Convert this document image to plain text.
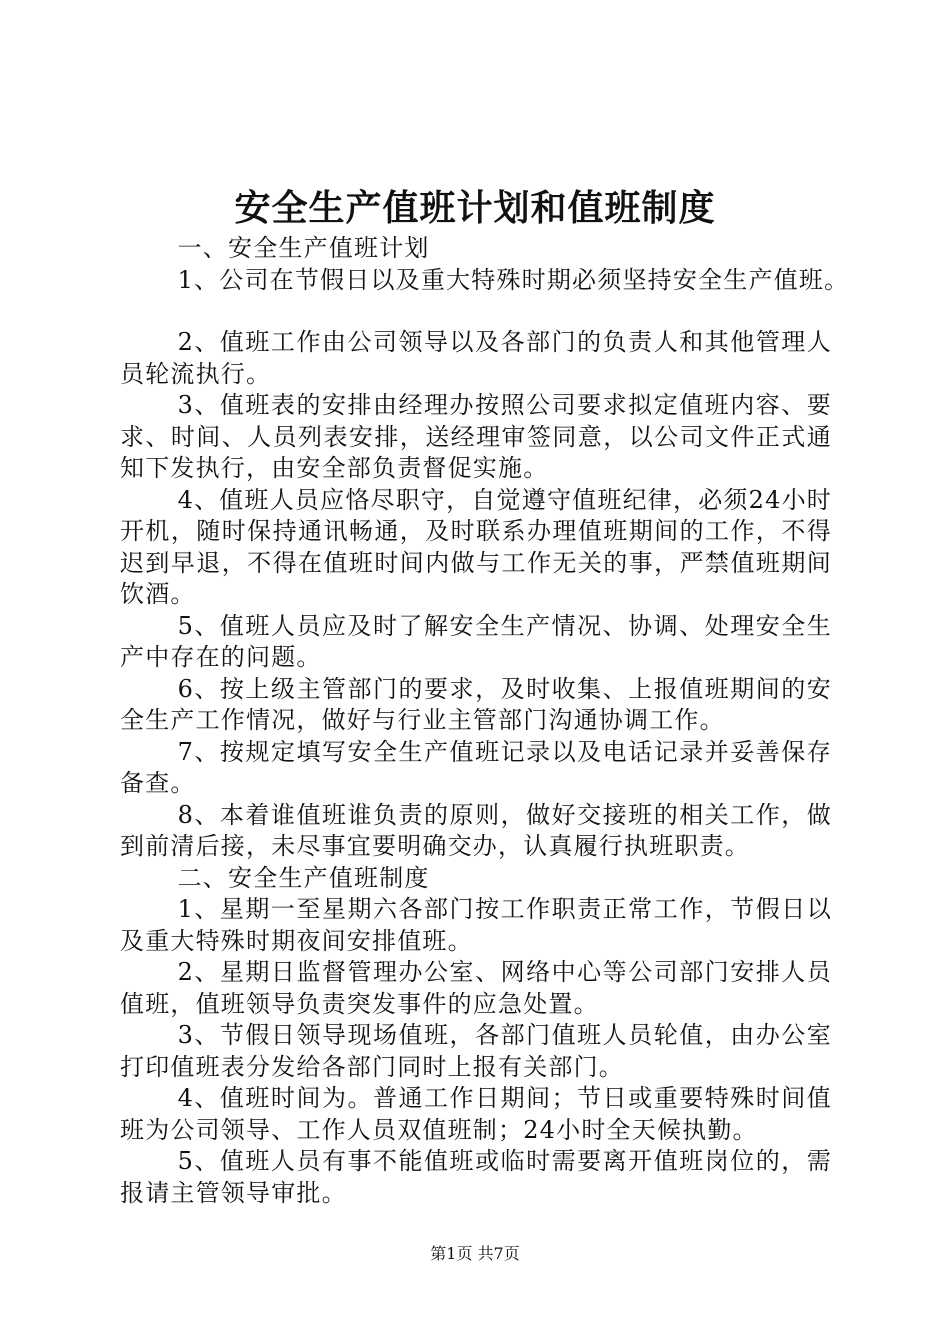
安全生产值班计划和值班制度

一、安全生产值班计划

1、公司在节假日以及重大特殊时期必须坚持安全生产值班。

2、值班工作由公司领导以及各部门的负责人和其他管理人员轮流执行。

3、值班表的安排由经理办按照公司要求拟定值班内容、要求、时间、人员列表安排，送经理审签同意，以公司文件正式通知下发执行，由安全部负责督促实施。

4、值班人员应恪尽职守，自觉遵守值班纪律，必须24小时开机，随时保持通讯畅通，及时联系办理值班期间的工作，不得迟到早退，不得在值班时间内做与工作无关的事，严禁值班期间饮酒。

5、值班人员应及时了解安全生产情况、协调、处理安全生产中存在的问题。

6、按上级主管部门的要求，及时收集、上报值班期间的安全生产工作情况，做好与行业主管部门沟通协调工作。

7、按规定填写安全生产值班记录以及电话记录并妥善保存备查。

8、本着谁值班谁负责的原则，做好交接班的相关工作，做到前清后接，未尽事宜要明确交办，认真履行执班职责。

二、安全生产值班制度

1、星期一至星期六各部门按工作职责正常工作，节假日以及重大特殊时期夜间安排值班。

2、星期日监督管理办公室、网络中心等公司部门安排人员值班，值班领导负责突发事件的应急处置。

3、节假日领导现场值班，各部门值班人员轮值，由办公室打印值班表分发给各部门同时上报有关部门。

4、值班时间为。普通工作日期间；节日或重要特殊时间值班为公司领导、工作人员双值班制；24小时全天候执勤。

5、值班人员有事不能值班或临时需要离开值班岗位的，需报请主管领导审批。

第1页 共7页
